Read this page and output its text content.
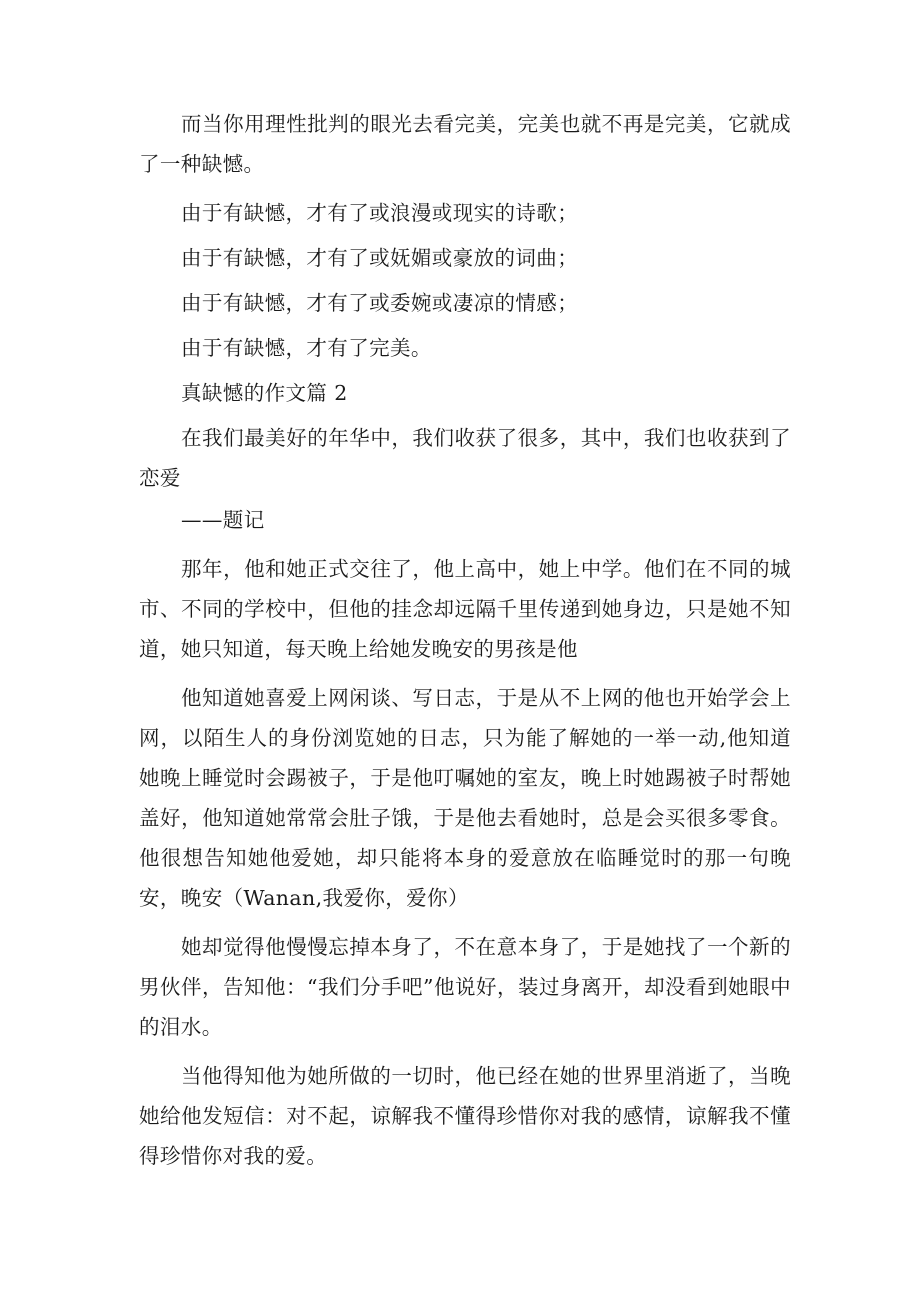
而当你用理性批判的眼光去看完美，完美也就不再是完美，它就成了一种缺憾。

由于有缺憾，才有了或浪漫或现实的诗歌；

由于有缺憾，才有了或妩媚或豪放的词曲；

由于有缺憾，才有了或委婉或凄凉的情感；

由于有缺憾，才有了完美。

真缺憾的作文篇 2

在我们最美好的年华中，我们收获了很多，其中，我们也收获到了恋爱

——题记

那年，他和她正式交往了，他上高中，她上中学。他们在不同的城市、不同的学校中，但他的挂念却远隔千里传递到她身边，只是她不知道，她只知道，每天晚上给她发晚安的男孩是他

他知道她喜爱上网闲谈、写日志，于是从不上网的他也开始学会上网，以陌生人的身份浏览她的日志，只为能了解她的一举一动,他知道她晚上睡觉时会踢被子，于是他叮嘱她的室友，晚上时她踢被子时帮她盖好，他知道她常常会肚子饿，于是他去看她时，总是会买很多零食。他很想告知她他爱她，却只能将本身的爱意放在临睡觉时的那一句晚安，晚安（Wanan,我爱你，爱你）

她却觉得他慢慢忘掉本身了，不在意本身了，于是她找了一个新的男伙伴，告知他：“我们分手吧”他说好，装过身离开，却没看到她眼中的泪水。

当他得知他为她所做的一切时，他已经在她的世界里消逝了，当晚她给他发短信：对不起，谅解我不懂得珍惜你对我的感情，谅解我不懂得珍惜你对我的爱。
